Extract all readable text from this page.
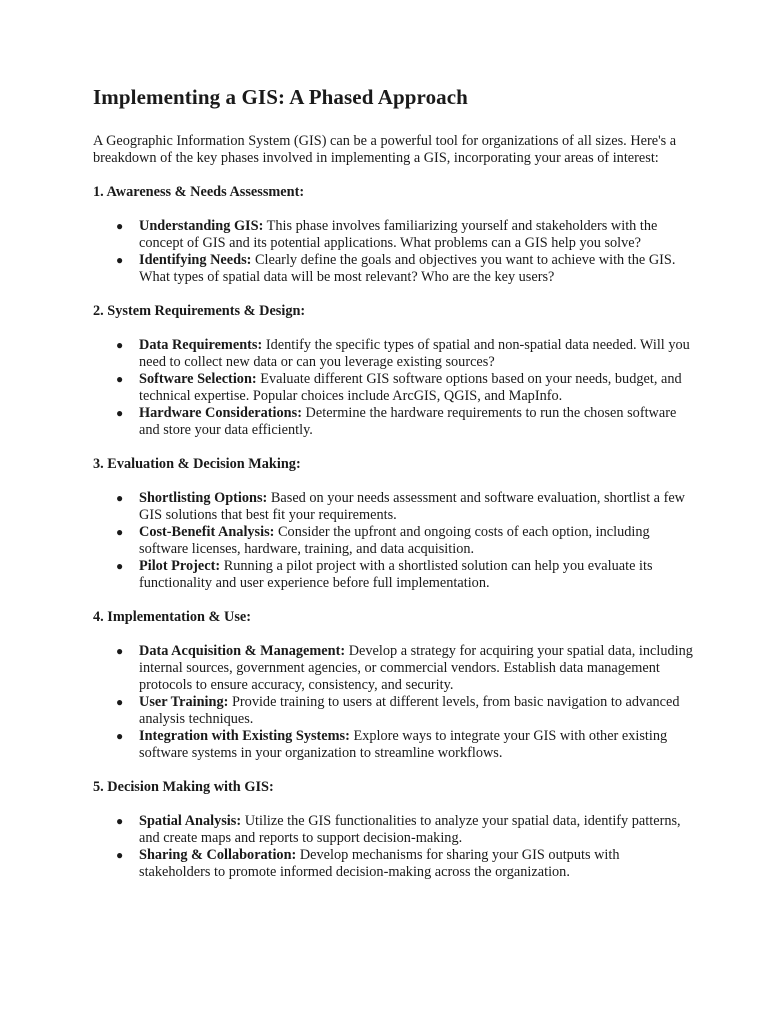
Implementing a GIS: A Phased Approach

A Geographic Information System (GIS) can be a powerful tool for organizations of all sizes. Here's a breakdown of the key phases involved in implementing a GIS, incorporating your areas of interest:

1. Awareness & Needs Assessment:
● Understanding GIS: This phase involves familiarizing yourself and stakeholders with the concept of GIS and its potential applications. What problems can a GIS help you solve?
● Identifying Needs: Clearly define the goals and objectives you want to achieve with the GIS. What types of spatial data will be most relevant? Who are the key users?
2. System Requirements & Design:
● Data Requirements: Identify the specific types of spatial and non-spatial data needed. Will you need to collect new data or can you leverage existing sources?
● Software Selection: Evaluate different GIS software options based on your needs, budget, and technical expertise. Popular choices include ArcGIS, QGIS, and MapInfo.
● Hardware Considerations: Determine the hardware requirements to run the chosen software and store your data efficiently.
3. Evaluation & Decision Making:
● Shortlisting Options: Based on your needs assessment and software evaluation, shortlist a few GIS solutions that best fit your requirements.
● Cost-Benefit Analysis: Consider the upfront and ongoing costs of each option, including software licenses, hardware, training, and data acquisition.
● Pilot Project: Running a pilot project with a shortlisted solution can help you evaluate its functionality and user experience before full implementation.
4. Implementation & Use:
● Data Acquisition & Management: Develop a strategy for acquiring your spatial data, including internal sources, government agencies, or commercial vendors. Establish data management protocols to ensure accuracy, consistency, and security.
● User Training: Provide training to users at different levels, from basic navigation to advanced analysis techniques.
● Integration with Existing Systems: Explore ways to integrate your GIS with other existing software systems in your organization to streamline workflows.
5. Decision Making with GIS:
● Spatial Analysis: Utilize the GIS functionalities to analyze your spatial data, identify patterns, and create maps and reports to support decision-making.
● Sharing & Collaboration: Develop mechanisms for sharing your GIS outputs with stakeholders to promote informed decision-making across the organization.
